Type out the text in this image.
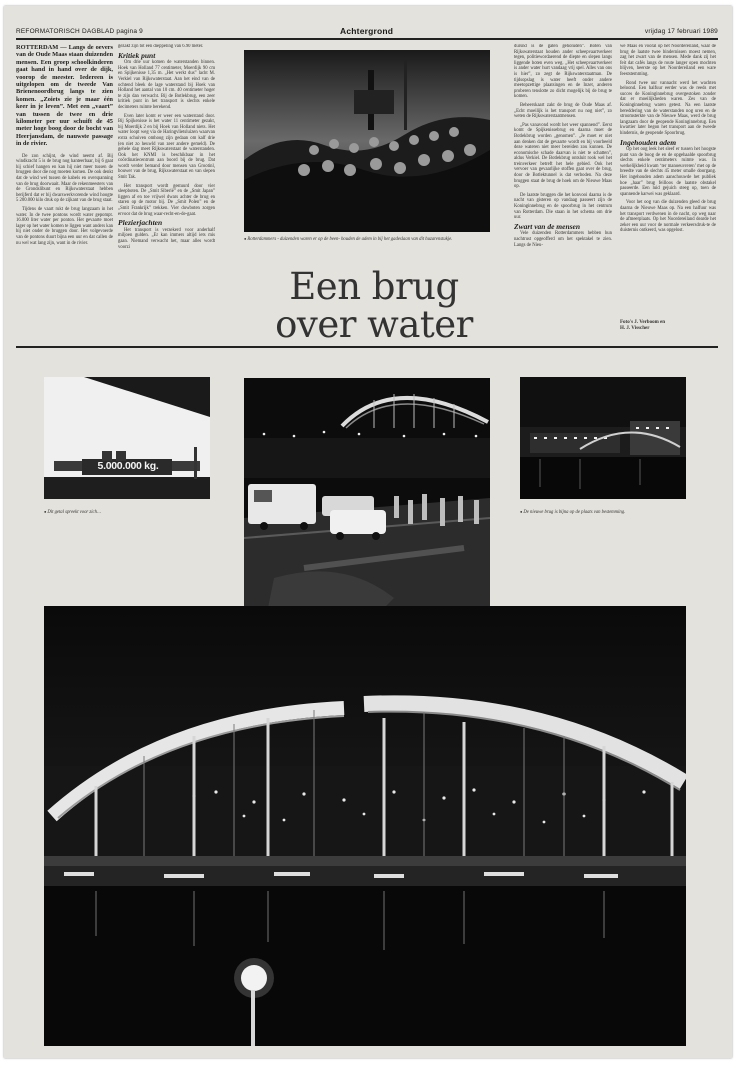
REFORMATORISCH DAGBLAD pagina 9	Achtergrond	vrijdag 17 februari 1989
ROTTERDAM — Langs de oevers van de Oude Maas staan duizenden mensen. Een groep schoolkinderen gaat hand in hand over de dijk, voorop de meester. Iedereen is uitgelopen om de tweede Van Brienenoordbrug langs te zien komen. „Zoiets zie je maar één keer in je leven”. Met een „vaart” van tussen de twee en drie kilometer per uur schuift de 45 meter hoge boog door de bocht van Heerjansdam, de nauwste passage in de rivier.

De zon schijnt, de wind neemt af. Bij windkracht 5 is de brug nog hanteerbaar, bij 6 gaat hij schief hangen en kan hij niet meer tussen de bruggen door die nog moeten komen. De ook denkt dat de wind wel tussen de kabels en overspanning van de brug doorwaait. Maar de rekenmeesters van de Grondslibunt en Rijkswaterstaat hebben berijferd dat er bij dwarswerkvorende wind hoogte 5 200.000 kilo druk op de zijkant van de brug staat.

Tijdens de vaart rukt de brug langzaam in het water. In de twee pontons wordt water gepompt. 16.000 liter water per ponton. Het gevaarte moet lager op het water komen te liggen want anders kan hij niet onder de bruggen door. Het volgevoerde van de pontons duurt bijna een uur en dat callen de nu wel wat lang zijn, want in de rivier.

gezakt zijn tot een dieppeling van 6.90 meter.

Kritiek punt

Om drie uur komen de waterstanden binnen. Hoek van Holland 77 centimeter, Moerdijk 90 cm en Spijkenisse 1,35 m. „Het werkt dus” lacht M. Verkiel van Rijkswaterstaat. Aan het eind van de ochtend bleek de lage waterstand bij Hoek van Holland het aantal van 10 cm. 40 centimeter hoger te zijn dan verwacht. Bij de Botlekbrug, een zeer kritiek punt in het transport is slechts enkele decimeters ruimte berekend.

Even later komt er weer een waterstand door. Bij Spijkenisse is het water 11 centimeter gezakt, bij Moerdijk 2 en bij Hoek van Holland niets. Het water loopt weg via de Haringvlietsluizen waarvan extra schuiven omhoog zijn gedaan om kalf drie (en niet zo heuwld van zeer andere gemeld). De gehele dag meet Rijkswaterstaat de waterstanden. Ook het KNMI is beschikbaar in het coördinatiecentrum aan boord bij de brug. Dat wordt verder bemand door mensen van Grootinl, bouwer van de brug, Rijkswaterstaat en van slepen Smit Tak.

Het transport wordt gestuurd door vier sleepboten. De „Smit Siberië” en de „Smit Japan” liggen af en toe vrijwel dwars achter de brug en staren op de motor bij. De „Smit Polen” en de „Smit Frankrijk” trekken. Vier duwboten zorgen ervoor dat de brug waar-recht-en-de-gaat.

Plezierjachten

Het transport is verzekerd voor anderhalf miljoen gulden. „Er kan immers altijd iets mis gaan. Niemand verwacht het, maar alles wordt voorzi

● Rotterdammers - duizenden waren er op de been- houden de adem in bij het gadeslaan van dit huzarenstukje.
Een brug
over water

dursnd is de gaten geholuden”. Boten van Rijkswaterstaat houden ander scheepvaartverkeer tegen, politiewordaerend de diepte en slepen langs liggende boten even weg. „Het scheepvaartverkeer is ander water hurt vandaag vrij spel. Alles van ons is hier”, zo zegt de Rijkswaterstaatman. De tijdsopslag is water heeft onder andere meetopzettige plaatsingen en de Inzet, anderen proberen tenslotte zo dicht mogelijk bij de brug te komen.

Beheerskaart zakt de brug de Oude Maas af. „Echt moeilijk is het transport nu nog niet”, zo weten de Rijkswaterstaatmensen.

„Pas vanavond wordt het weer spannend”. Eerst komt de Spijkenissebrug en daarna moet de Botlekbrug worden „genomen”. „Je moet er niet aan denken dat de gevaarte wordt en bij voorbeeld deze wateren niet meer bereiden zou kunnen. De economische schade daarvan is niet te schatten”, aldus Verkiel. De Botlekbrug ontsluit rook wel het treinverkeer betreft het hele gebied. Ook het vervoer van gevaarlijke stoffen gaat over de brug, door de Botlektunnel is dat verboden. Na deze bruggen staat de brug de hoek om de Nieuwe Maas op.

De laatste bruggen die het konvooi daarna is de nacht van gisteren op vandaag passeert zijn de Koninginnebrug en de spoorbrug in het centrum van Rotterdam. Die staan in het schema om drie uur.

Zwart van de mensen

Vele duizenden Rotterdammers hebben hun nachtrust opgeofferd om het spektakel te zien. Langs de Nieu-

we Maas en vooral op het Noordereiland, waar de brug de laatste twee bindernissen moest nemen, zag het zwart van de mensen. Mede dank zij het feit dat cafés langs de route langer open mochten blijven, heerste op het Noordereiland een ware feeststemming.

Rond twee uur vannacht werd het wachten beloond. Een halfuur eerder was de reeds met succes de Koninginnebrug overgestoken zonder dat er moeilijkheden waren. Zes van de Koninginnebrug waren getest. Na een laatste bereddering van de waterstanden nog uren en de stroomsterkte van de Nieuwe Maas, werd de brug langzaam door de geopende Koninginnebrug. Een kwartier later begon het transport aan de tweede hindernis, de geopende Spoorbrug.

Ingehouden adem

Op het oog leek het sleef er tussen het hoogste punt van de boog de en de opgehaalde spoorbrug slechts enkele centimeters ruimte was. In werkelijkheid kwam ‘ter manoeuvreren’ met op de breedte van de slechts 45 meter smalle doorgang. Het ingehouden adem aanschouwde het publiek hoe „haar” brug feilloos de laatste obstakel passeerde. Een luid gejuich steeg op, toen de spannende karwei was geklaard.

Voor het oog van die duizenden gleed de brug daarna de Nieuwe Maas op. Na een halfuur was het transport verdwenen in de nacht, op weg naar de afmeerplaats. Op het Noordereiland dearde het zeker een uur voor de normale verkeersdruk-te de duisternis ontkeerd, was opgelost.

Foto's J. Verboom en
H. J. Visscher
5.000.000 kg.
● Dit getal spreekt voor zich…
●	De nieuwe brug is bijna op de plaats van bestemming.
